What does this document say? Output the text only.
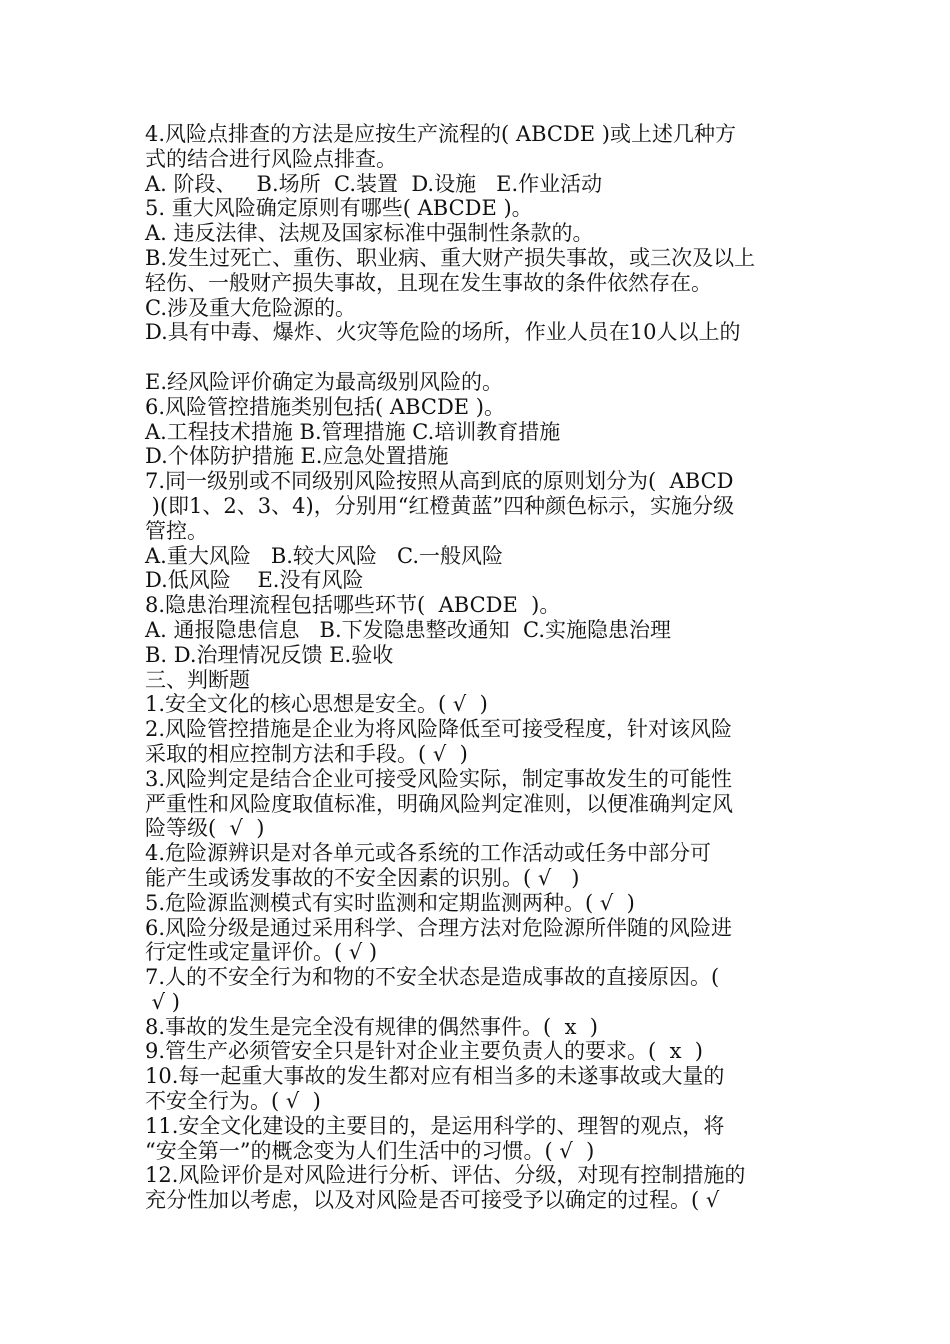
4.风险点排查的方法是应按生产流程的( ABCDE )或上述几种方
式的结合进行风险点排查。
A. 阶段、   B.场所  C.装置  D.设施   E.作业活动
5. 重大风险确定原则有哪些( ABCDE )。
A. 违反法律、法规及国家标准中强制性条款的。
B.发生过死亡、重伤、职业病、重大财产损失事故，或三次及以上
轻伤、一般财产损失事故，且现在发生事故的条件依然存在。
C.涉及重大危险源的。
D.具有中毒、爆炸、火灾等危险的场所，作业人员在10人以上的
E.经风险评价确定为最高级别风险的。
6.风险管控措施类别包括( ABCDE )。
A.工程技术措施 B.管理措施 C.培训教育措施
D.个体防护措施 E.应急处置措施
7.同一级别或不同级别风险按照从高到底的原则划分为(  ABCD
)(即1、2、3、4)，分别用“红橙黄蓝”四种颜色标示，实施分级
管控。
A.重大风险   B.较大风险   C.一般风险
D.低风险    E.没有风险
8.隐患治理流程包括哪些环节(  ABCDE  )。
A. 通报隐患信息   B.下发隐患整改通知  C.实施隐患治理
B. D.治理情况反馈 E.验收
三、判断题
1.安全文化的核心思想是安全。( √  )
2.风险管控措施是企业为将风险降低至可接受程度，针对该风险
采取的相应控制方法和手段。( √  )
3.风险判定是结合企业可接受风险实际，制定事故发生的可能性
严重性和风险度取值标准，明确风险判定准则，以便准确判定风
险等级(  √  )
4.危险源辨识是对各单元或各系统的工作活动或任务中部分可
能产生或诱发事故的不安全因素的识别。( √   )
5.危险源监测模式有实时监测和定期监测两种。( √  )
6.风险分级是通过采用科学、合理方法对危险源所伴随的风险进
行定性或定量评价。( √ )
7.人的不安全行为和物的不安全状态是造成事故的直接原因。(
√ )
8.事故的发生是完全没有规律的偶然事件。(  x  )
9.管生产必须管安全只是针对企业主要负责人的要求。(  x  )
10.每一起重大事故的发生都对应有相当多的未遂事故或大量的
不安全行为。( √  )
11.安全文化建设的主要目的，是运用科学的、理智的观点，将
“安全第一”的概念变为人们生活中的习惯。( √  )
12.风险评价是对风险进行分析、评估、分级，对现有控制措施的
充分性加以考虑，以及对风险是否可接受予以确定的过程。( √
